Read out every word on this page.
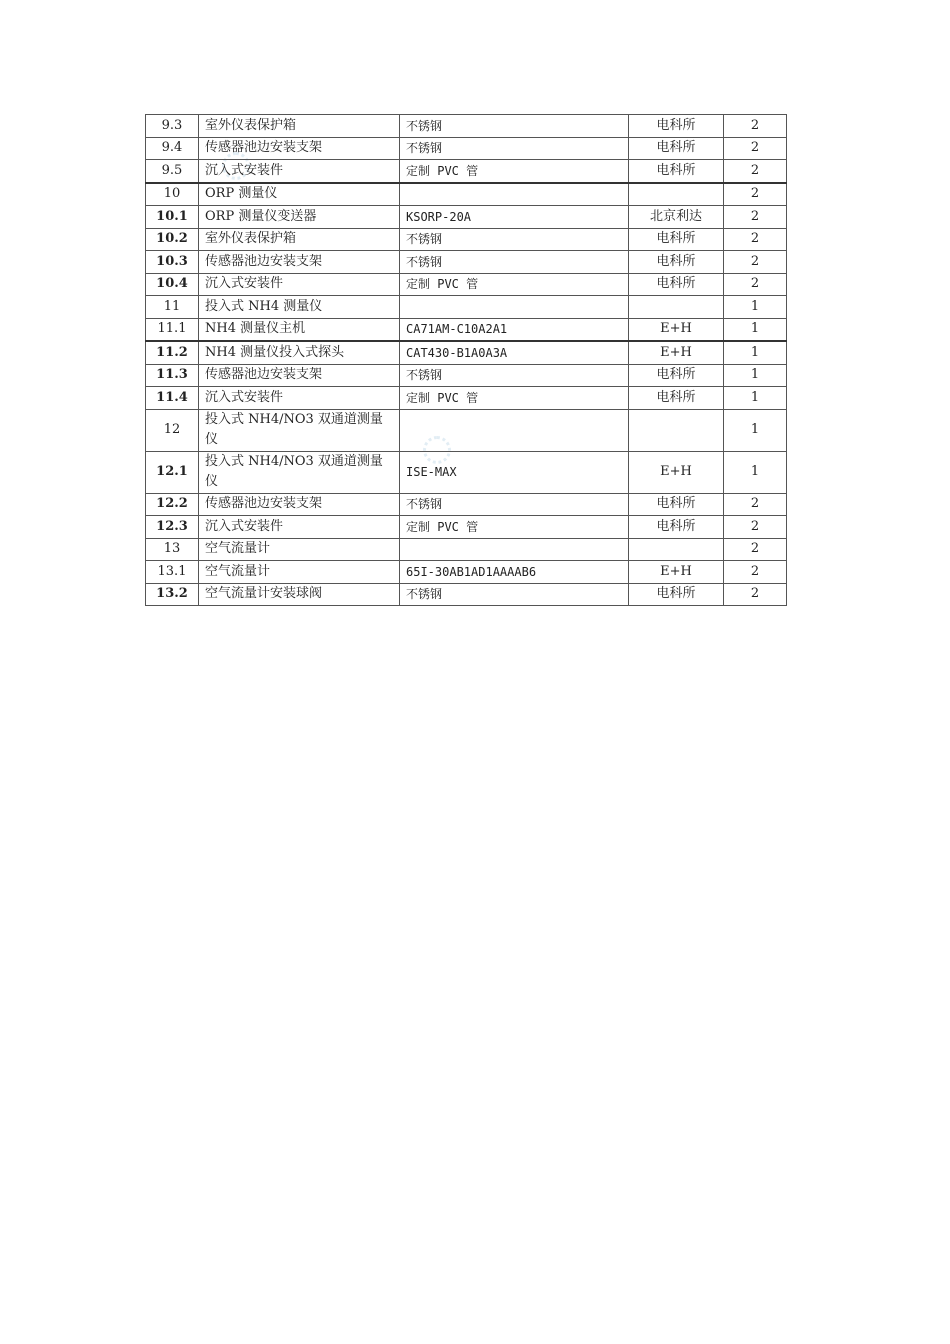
9.3	室外仪表保护箱	不锈钢	电科所	2
9.4	传感器池边安装支架	不锈钢	电科所	2
9.5	沉入式安装件	定制 PVC 管	电科所	2
10	ORP 测量仪			2
10.1	ORP 测量仪变送器	KSORP-20A	北京利达	2
10.2	室外仪表保护箱	不锈钢	电科所	2
10.3	传感器池边安装支架	不锈钢	电科所	2
10.4	沉入式安装件	定制 PVC 管	电科所	2
11	投入式 NH4 测量仪			1
11.1	NH4 测量仪主机	CA71AM-C10A2A1	E+H	1
11.2	NH4 测量仪投入式探头	CAT430-B1A0A3A	E+H	1
11.3	传感器池边安装支架	不锈钢	电科所	1
11.4	沉入式安装件	定制 PVC 管	电科所	1
12	投入式 NH4/NO3 双通道测量仪			1
12.1	投入式 NH4/NO3 双通道测量仪	ISE-MAX	E+H	1
12.2	传感器池边安装支架	不锈钢	电科所	2
12.3	沉入式安装件	定制 PVC 管	电科所	2
13	空气流量计			2
13.1	空气流量计	65I-30AB1AD1AAAAB6	E+H	2
13.2	空气流量计安装球阀	不锈钢	电科所	2
